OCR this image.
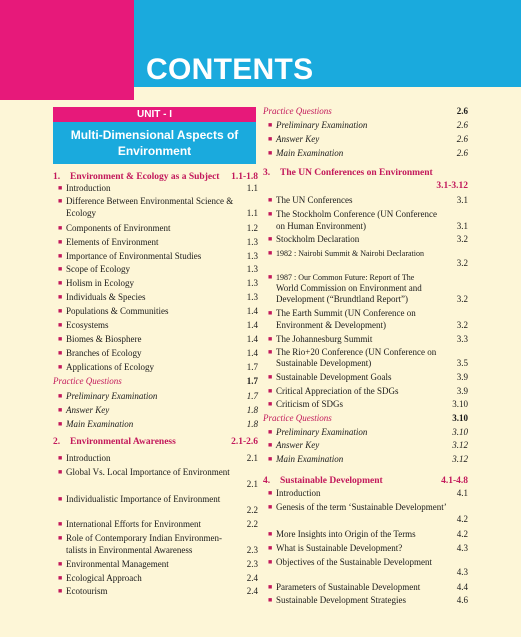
CONTENTS
UNIT - I
Multi-Dimensional Aspects of
Environment
1. Environment & Ecology as a Subject 1.1-1.8
■ Introduction	1.1
■ Difference Between Environmental Science &
Ecology	1.1
■ Components of Environment	1.2
■ Elements of Environment	1.3
■ Importance of Environmental Studies	1.3
■ Scope of Ecology	1.3
■ Holism in Ecology	1.3
■ Individuals & Species	1.3
■ Populations & Communities	1.4
■ Ecosystems	1.4
■ Biomes & Biosphere	1.4
■ Branches of Ecology	1.4
■ Applications of Ecology	1.7
Practice Questions	1.7
■ Preliminary Examination	1.7
■ Answer Key	1.8
■ Main Examination	1.8
2. Environmental Awareness	2.1-2.6
■ Introduction	2.1
■ Global Vs. Local Importance of Environment
2.1
■ Individualistic Importance of Environment
2.2
■ International Efforts for Environment	2.2
■ Role of Contemporary Indian Environmen-
talists in Environmental Awareness	2.3
■ Environmental Management	2.3
■ Ecological Approach	2.4
■ Ecotourism	2.4
Practice Questions	2.6
■ Preliminary Examination	2.6
■ Answer Key	2.6
■ Main Examination	2.6
3. The UN Conferences on Environment
3.1-3.12
■ The UN Conferences	3.1
■ The Stockholm Conference (UN Conference
on Human Environment)	3.1
■ Stockholm Declaration	3.2
■ 1982 : Nairobi Summit & Nairobi Declaration
3.2
■ 1987 : Our Common Future: Report of The
World Commission on Environment and
Development (“Brundtland Report”)	3.2
■ The Earth Summit (UN Conference on
Environment & Development)	3.2
■ The Johannesburg Summit	3.3
■ The Rio+20 Conference (UN Conference on
Sustainable Development)	3.5
■ Sustainable Development Goals	3.9
■ Critical Appreciation of the SDGs	3.9
■ Criticism of SDGs	3.10
Practice Questions	3.10
■ Preliminary Examination	3.10
■ Answer Key	3.12
■ Main Examination	3.12
4. Sustainable Development	4.1-4.8
■ Introduction	4.1
■ Genesis of the term ‘Sustainable Development’
4.2
■ More Insights into Origin of the Terms	4.2
■ What is Sustainable Development?	4.3
■ Objectives of the Sustainable Development
4.3
■ Parameters of Sustainable Development	4.4
■ Sustainable Development Strategies	4.6
